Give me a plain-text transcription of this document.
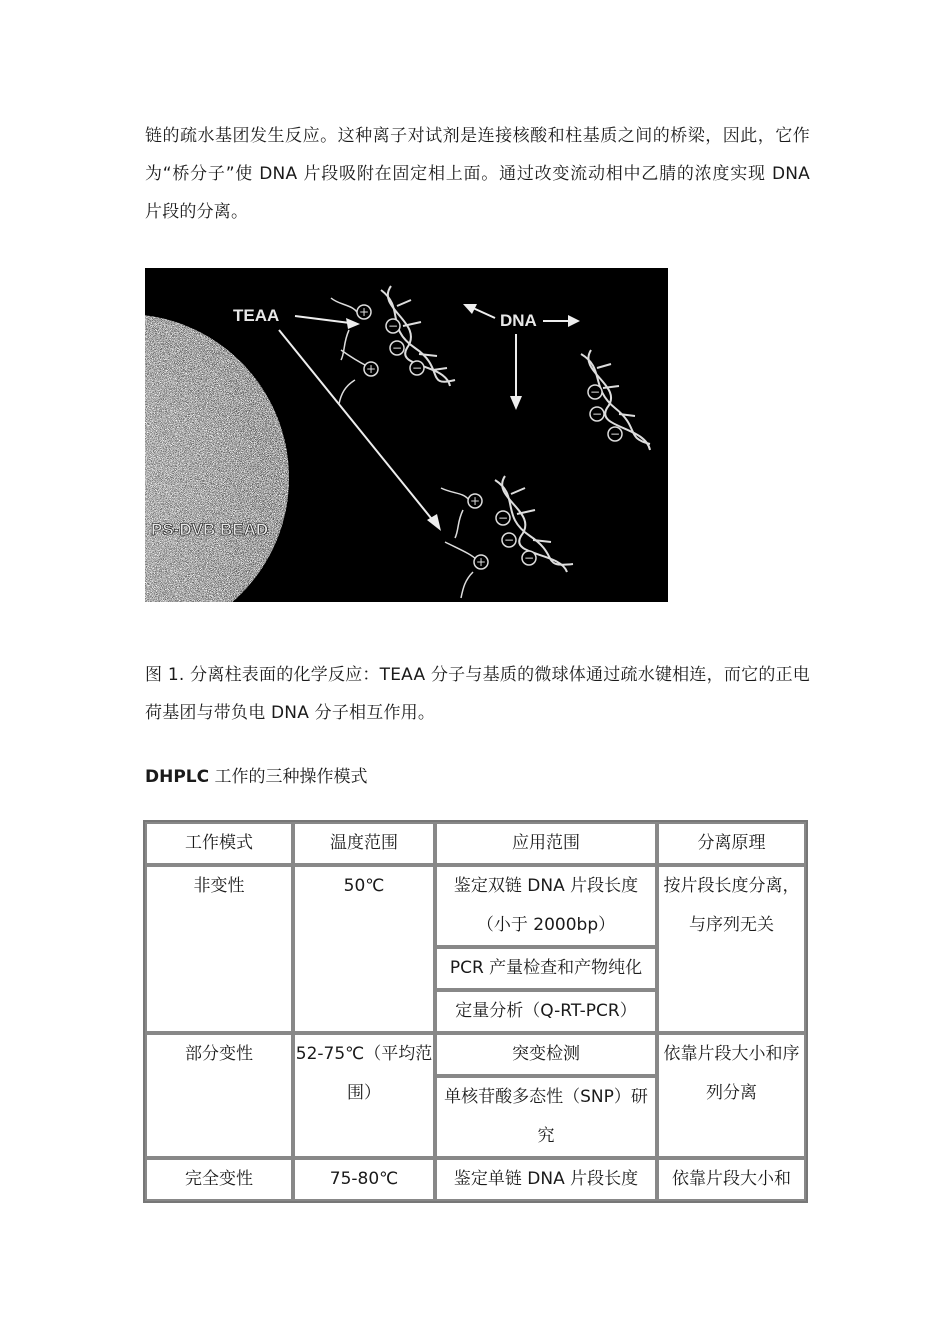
链的疏水基团发生反应。这种离子对试剂是连接核酸和柱基质之间的桥梁，因此，它作为“桥分子”使 DNA 片段吸附在固定相上面。通过改变流动相中乙腈的浓度实现 DNA 片段的分离。

PS-DVB BEAD
TEAA	DNA
+
+
−
−
−
−
−
−
+
+
−
−
−

图 1. 分离柱表面的化学反应：TEAA 分子与基质的微球体通过疏水键相连，而它的正电荷基团与带负电 DNA 分子相互作用。

DHPLC 工作的三种操作模式
工作模式	温度范围	应用范围	分离原理
非变性	50℃	鉴定双链 DNA 片段长度（小于 2000bp）	按片段长度分离，与序列无关
		PCR 产量检查和产物纯化	
		定量分析（Q-RT-PCR）	
部分变性	52-75℃（平均范围）	突变检测	依靠片段大小和序列分离
		单核苷酸多态性（SNP）研究	
完全变性	75-80℃	鉴定单链 DNA 片段长度	依靠片段大小和
